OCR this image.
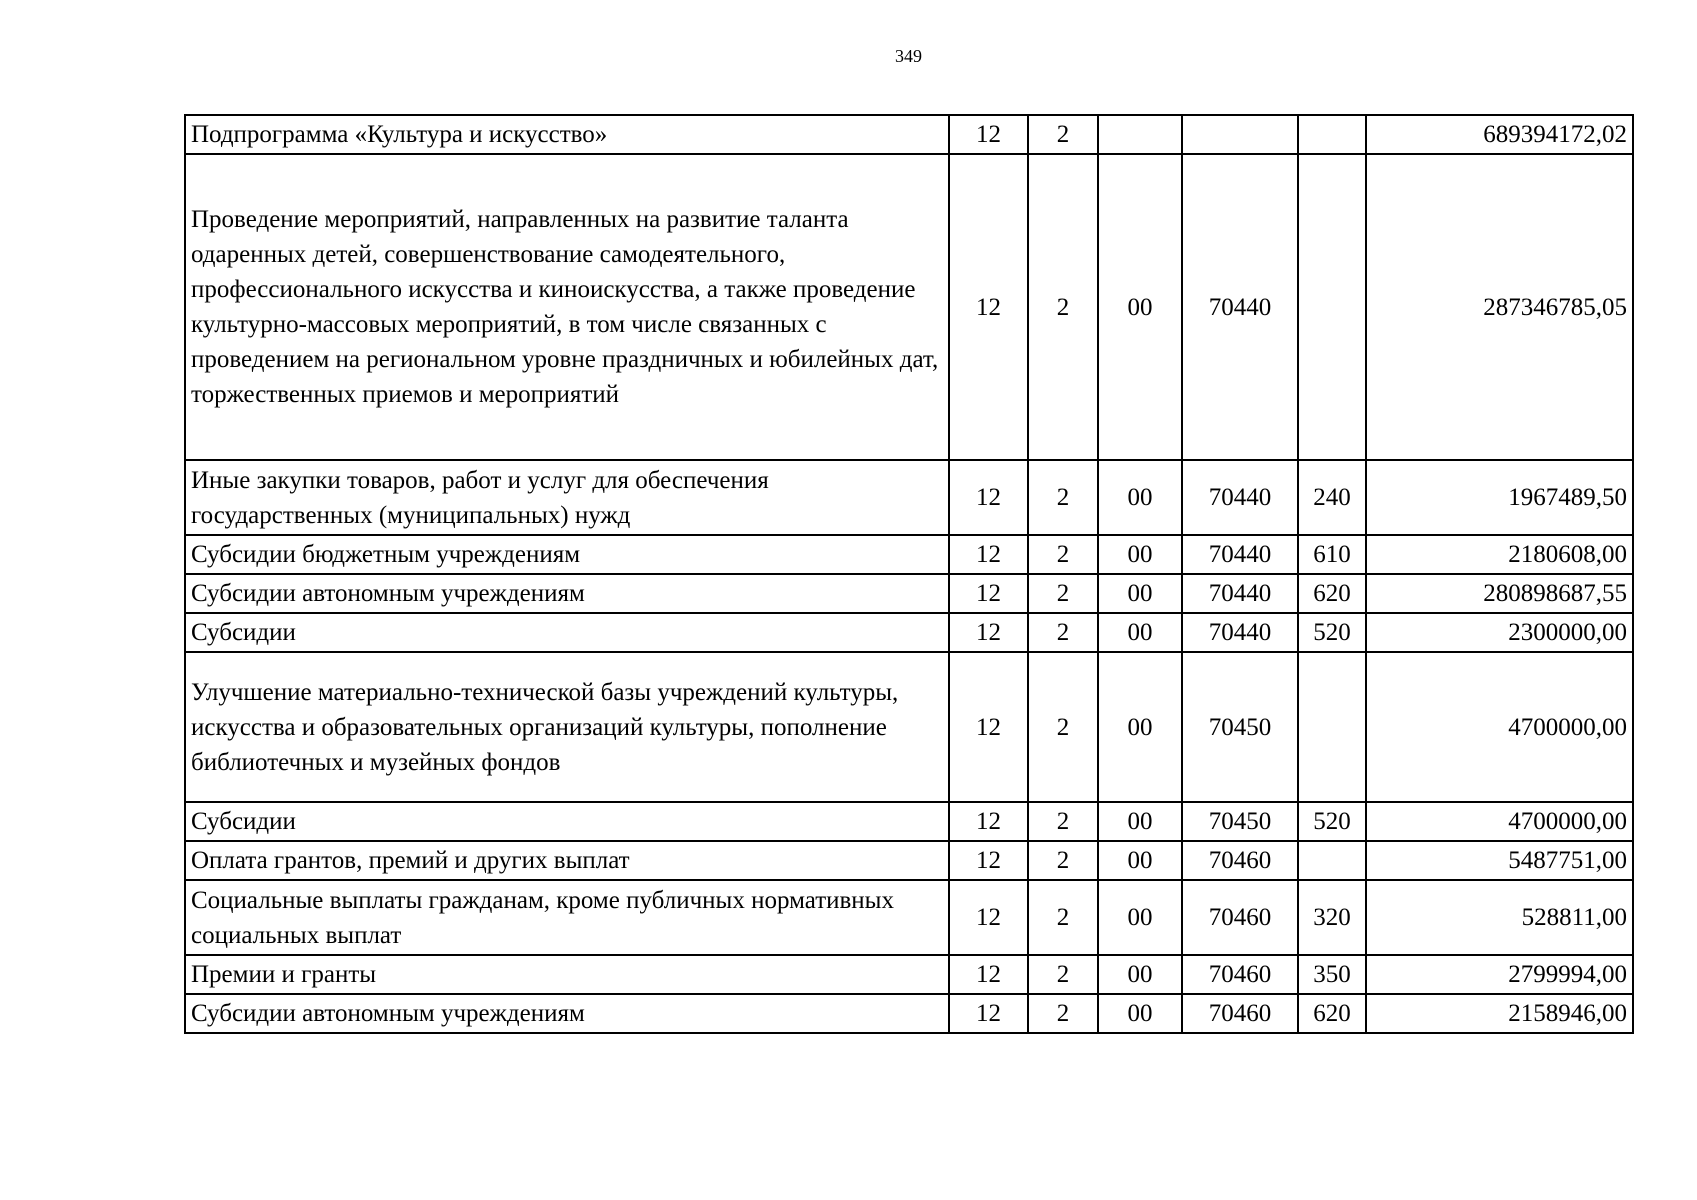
349
Подпрограмма «Культура и искусство»	12	2				689394172,02
Проведение мероприятий, направленных на развитие таланта одаренных детей, совершенствование самодеятельного, профессионального искусства и киноискусства, а также проведение культурно-массовых мероприятий, в том числе связанных с проведением на региональном уровне праздничных и юбилейных дат, торжественных приемов и мероприятий	12	2	00	70440		287346785,05
Иные закупки товаров, работ и услуг для обеспечения государственных (муниципальных) нужд	12	2	00	70440	240	1967489,50
Субсидии бюджетным учреждениям	12	2	00	70440	610	2180608,00
Субсидии автономным учреждениям	12	2	00	70440	620	280898687,55
Субсидии	12	2	00	70440	520	2300000,00
Улучшение материально-технической базы учреждений культуры, искусства и образовательных организаций культуры, пополнение библиотечных и музейных фондов	12	2	00	70450		4700000,00
Субсидии	12	2	00	70450	520	4700000,00
Оплата грантов, премий и других выплат	12	2	00	70460		5487751,00
Социальные выплаты гражданам, кроме публичных нормативных социальных выплат	12	2	00	70460	320	528811,00
Премии и гранты	12	2	00	70460	350	2799994,00
Субсидии автономным учреждениям	12	2	00	70460	620	2158946,00
